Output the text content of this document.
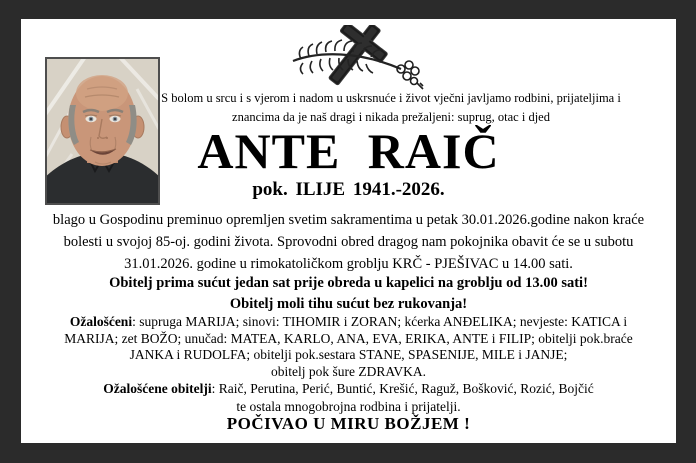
S bolom u srcu i s vjerom i nadom u uskrsnuće i život vječni javljamo rodbini, prijateljima i
znancima da je naš dragi i nikada prežaljeni: suprug, otac i djed
ANTE RAIČ
pok. ILIJE 1941.-2026.
blago u Gospodinu preminuo opremljen svetim sakramentima u petak 30.01.2026.godine nakon kraće
bolesti u svojoj 85-oj. godini života. Sprovodni obred dragog nam pokojnika obavit će se u subotu
31.01.2026. godine u rimokatoličkom groblju KRČ - PJEŠIVAC u 14.00 sati.
Obitelj prima sućut jedan sat prije obreda u kapelici na groblju od 13.00 sati!
Obitelj moli tihu sućut bez rukovanja!
Ožalošćeni: supruga MARIJA; sinovi: TIHOMIR i ZORAN; kćerka ANĐELIKA; nevjeste: KATICA i
MARIJA; zet BOŽO; unučad: MATEA, KARLO, ANA, EVA, ERIKA, ANTE i FILIP; obitelji pok.braće
JANKA i RUDOLFA; obitelji pok.sestara STANE, SPASENIJE, MILE i JANJE;
obitelj pok šure ZDRAVKA.
Ožalošćene obitelji: Raič, Perutina, Perić, Buntić, Krešić, Raguž, Bošković, Rozić, Bojčić
te ostala mnogobrojna rodbina i prijatelji.
POČIVAO U MIRU BOŽJEM !
